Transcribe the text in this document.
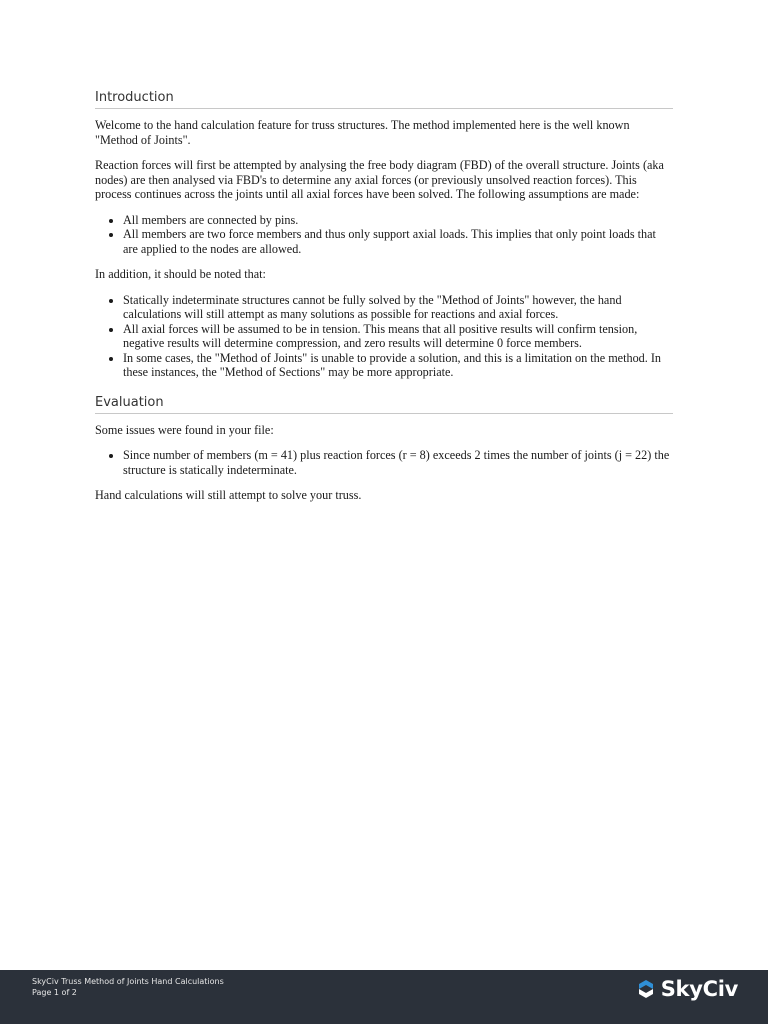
Introduction

Welcome to the hand calculation feature for truss structures. The method implemented here is the well known "Method of Joints".

Reaction forces will first be attempted by analysing the free body diagram (FBD) of the overall structure. Joints (aka nodes) are then analysed via FBD's to determine any axial forces (or previously unsolved reaction forces). This process continues across the joints until all axial forces have been solved. The following assumptions are made:

• All members are connected by pins.
• All members are two force members and thus only support axial loads. This implies that only point loads that are applied to the nodes are allowed.

In addition, it should be noted that:

• Statically indeterminate structures cannot be fully solved by the "Method of Joints" however, the hand calculations will still attempt as many solutions as possible for reactions and axial forces.
• All axial forces will be assumed to be in tension. This means that all positive results will confirm tension, negative results will determine compression, and zero results will determine 0 force members.
• In some cases, the "Method of Joints" is unable to provide a solution, and this is a limitation on the method. In these instances, the "Method of Sections" may be more appropriate.
Evaluation

Some issues were found in your file:

• Since number of members (m = 41) plus reaction forces (r = 8) exceeds 2 times the number of joints (j = 22) the structure is statically indeterminate.

Hand calculations will still attempt to solve your truss.

SkyCiv Truss Method of Joints Hand Calculations
Page 1 of 2	SkyCiv
